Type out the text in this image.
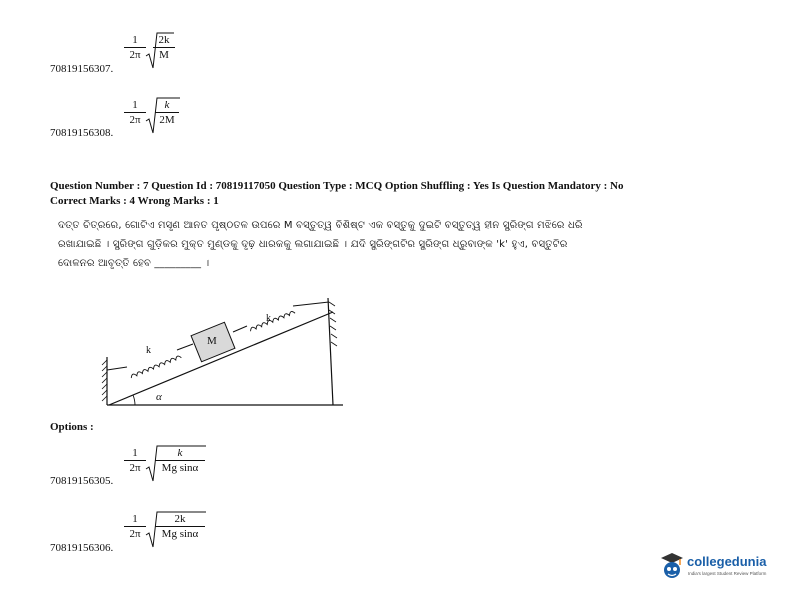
1
2π
2k
M
70819156307.
1
2π
k
2M
70819156308.
Question Number : 7 Question Id : 70819117050 Question Type : MCQ Option Shuffling : Yes Is Question Mandatory : No
Correct Marks : 4 Wrong Marks : 1
ଦତ୍ତ ଚିତ୍ରରେ, ଗୋଟିଏ ମସୃଣ ଆନତ ପୃଷ୍ଠତଳ ଉପରେ M ବସ୍ତୁତ୍ୱ ବିଶିଷ୍ଟ ଏକ ବସ୍ତୁକୁ ଦୁଇଟି ବସ୍ତୁତ୍ୱ ହୀନ ସ୍ପ୍ରିଙ୍ଗ ମଝିରେ ଧରି
ରଖାଯାଇଛି । ସ୍ପ୍ରିଙ୍ଗ ଗୁଡ଼ିକର ମୁକ୍ତ ମୁଣ୍ଡକୁ ଦୃଢ଼ ଧାରକକୁ ଲଗାଯାଇଛି । ଯଦି ସ୍ପ୍ରିଙ୍ଗଟିର ସ୍ପ୍ରିଙ୍ଗ ଧ୍ରୁବାଙ୍କ 'k' ହୁଏ, ବସ୍ତୁଟିର
ଦୋଳନର ଆବୃତ୍ତି ହେବ _________ ।
M
k
k
α
Options :
1
2π
k
Mg sinα
70819156305.
1
2π
2k
Mg sinα
70819156306.
collegedunia
India's largest Student Review Platform
